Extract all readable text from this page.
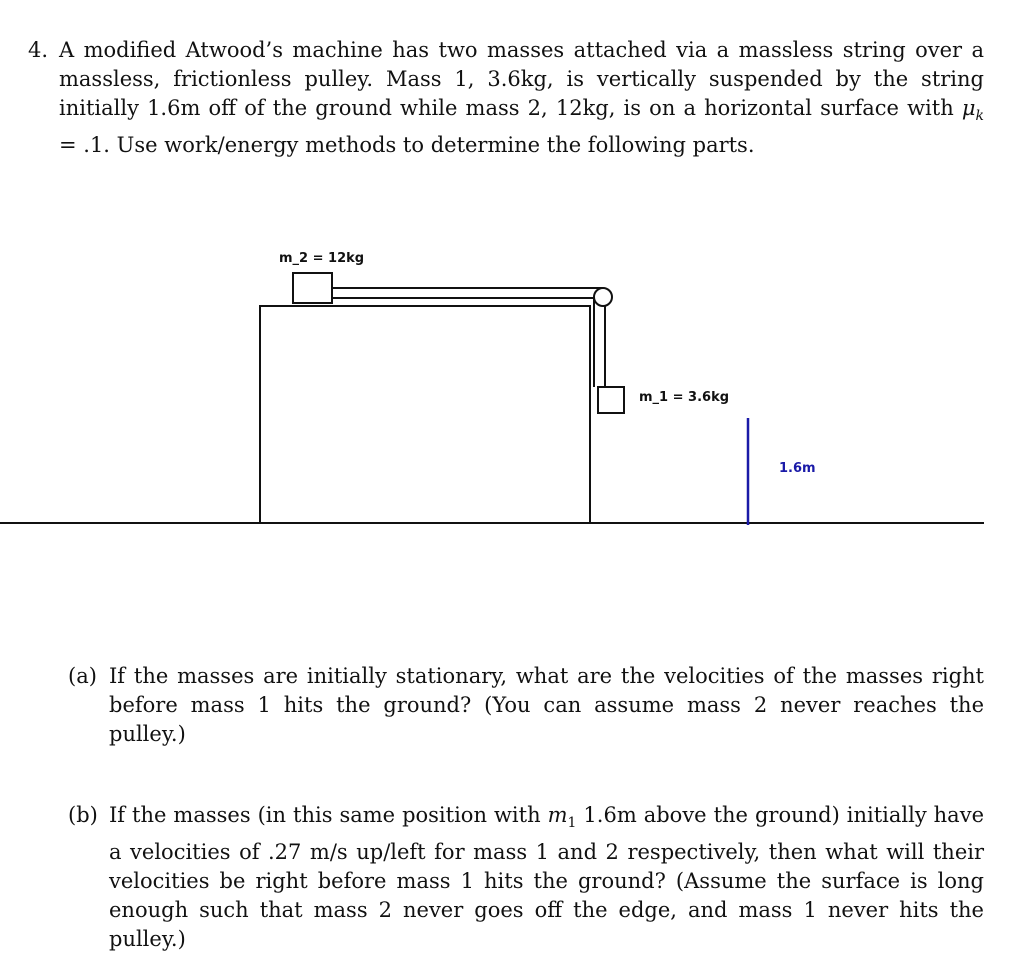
4. A modified Atwood’s machine has two masses attached via a massless string over a massless, frictionless pulley. Mass 1, 3.6kg, is vertically suspended by the string initially 1.6m off of the ground while mass 2, 12kg, is on a horizontal surface with $\mu_k = .1$. Use work/energy methods to determine the following parts.
m_2 = 12kg
m_1 = 3.6kg
1.6m
(a) If the masses are initially stationary, what are the velocities of the masses right before mass 1 hits the ground? (You can assume mass 2 never reaches the pulley.)
(b) If the masses (in this same position with $m_1$ 1.6m above the ground) initially have a velocities of .27 m/s up/left for mass 1 and 2 respectively, then what will their velocities be right before mass 1 hits the ground? (Assume the surface is long enough such that mass 2 never goes off the edge, and mass 1 never hits the pulley.)
